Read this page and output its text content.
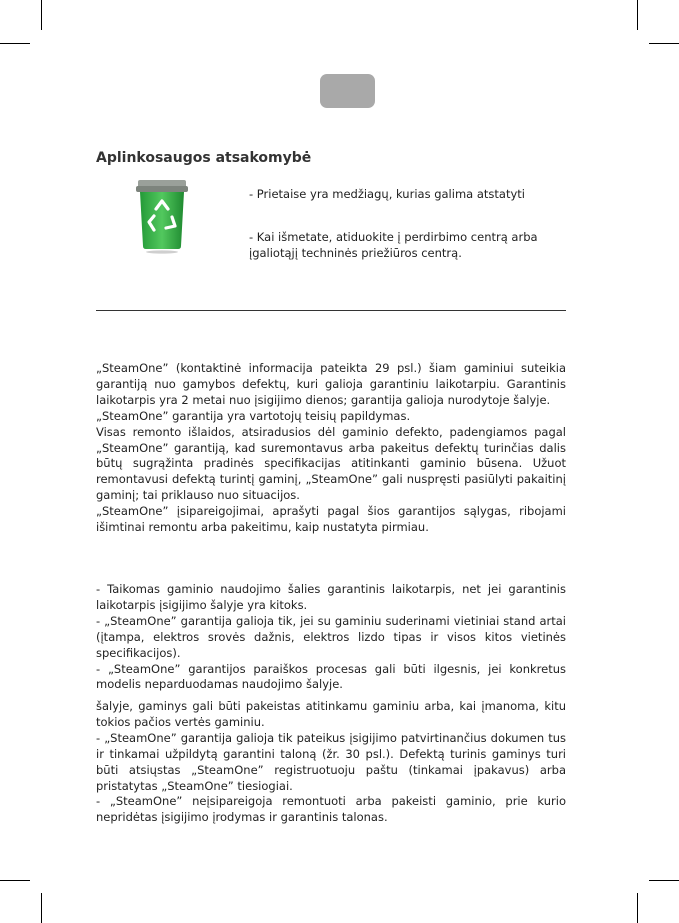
Aplinkosaugos atsakomybė
- Prietaise yra medžiagų, kurias galima atstatyti
- Kai išmetate, atiduokite į perdirbimo centrą arba įgaliotąjį techninės priežiūros centrą.

„SteamOne” (kontaktinė informacija pateikta 29 psl.) šiam gaminiui suteikia garantiją nuo gamybos defektų, kuri galioja garantiniu laikotarpiu. Garantinis laikotarpis yra 2 metai nuo įsigijimo dienos; garantija galioja nurodytoje šalyje.

„SteamOne” garantija yra vartotojų teisių papildymas.

Visas remonto išlaidos, atsiradusios dėl gaminio defekto, padengiamos pagal „SteamOne” garantiją, kad suremontavus arba pakeitus defektų turinčias dalis būtų sugrąžinta pradinės specifikacijas atitinkanti gaminio būsena. Užuot remontavusi defektą turintį gaminį, „SteamOne” gali nuspręsti pasiūlyti pakaitinį gaminį; tai priklauso nuo situacijos.

„SteamOne” įsipareigojimai, aprašyti pagal šios garantijos sąlygas, ribojami išimtinai remontu arba pakeitimu, kaip nustatyta pirmiau.

- Taikomas gaminio naudojimo šalies garantinis laikotarpis, net jei garantinis laikotarpis įsigijimo šalyje yra kitoks.

- „SteamOne” garantija galioja tik, jei su gaminiu suderinami vietiniai stand artai (įtampa, elektros srovės dažnis, elektros lizdo tipas ir visos kitos vietinės specifikacijos).

- „SteamOne” garantijos paraiškos procesas gali būti ilgesnis, jei konkretus modelis neparduodamas naudojimo šalyje.

šalyje, gaminys gali būti pakeistas atitinkamu gaminiu arba, kai įmanoma, kitu tokios pačios vertės gaminiu.

- „SteamOne” garantija galioja tik pateikus įsigijimo patvirtinančius dokumen tus ir tinkamai užpildytą garantini taloną (žr. 30 psl.). Defektą turinis gaminys turi būti atsiųstas „SteamOne” registruotuoju paštu (tinkamai įpakavus) arba pristatytas „SteamOne” tiesiogiai.

- „SteamOne” neįsipareigoja remontuoti arba pakeisti gaminio, prie kurio nepridėtas įsigijimo įrodymas ir garantinis talonas.
